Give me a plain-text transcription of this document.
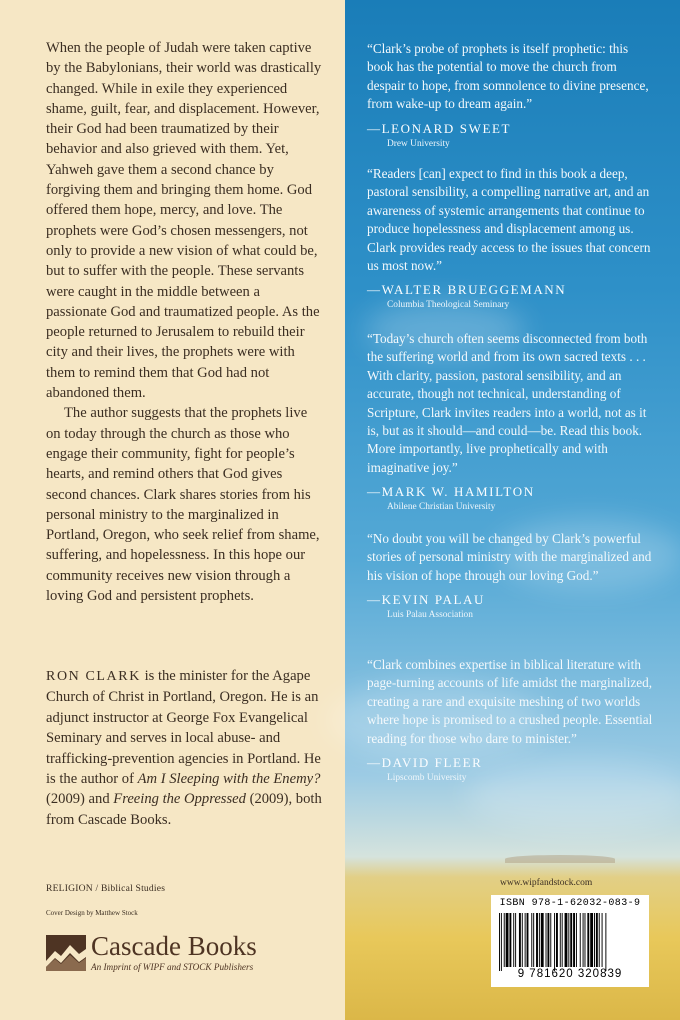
When the people of Judah were taken captive by the Babylonians, their world was drastically changed. While in exile they experienced shame, guilt, fear, and displacement. However, their God had been traumatized by their behavior and also grieved with them. Yet, Yahweh gave them a second chance by forgiving them and bringing them home. God offered them hope, mercy, and love. The prophets were God’s chosen messengers, not only to provide a new vision of what could be, but to suffer with the people. These servants were caught in the middle between a passionate God and traumatized people. As the people returned to Jerusalem to rebuild their city and their lives, the prophets were with them to remind them that God had not abandoned them.

The author suggests that the prophets live on today through the church as those who engage their community, fight for people’s hearts, and remind others that God gives second chances. Clark shares stories from his personal ministry to the marginalized in Portland, Oregon, who seek relief from shame, suffering, and hopelessness. In this hope our community receives new vision through a loving God and persistent prophets.

RON CLARK is the minister for the Agape Church of Christ in Portland, Oregon. He is an adjunct instructor at George Fox Evangelical Seminary and serves in local abuse- and trafficking-prevention agencies in Portland. He is the author of Am I Sleeping with the Enemy? (2009) and Freeing the Oppressed (2009), both from Cascade Books.
RELIGION / Biblical Studies
Cover Design by Matthew Stock
Cascade Books
An Imprint of WIPF and STOCK Publishers

“Clark’s probe of prophets is itself prophetic: this book has the potential to move the church from despair to hope, from somnolence to divine presence, from wake-up to dream again.”

—LEONARD SWEET

Drew University

“Readers [can] expect to find in this book a deep, pastoral sensibility, a compelling narrative art, and an awareness of systemic arrangements that continue to produce hopelessness and displacement among us. Clark provides ready access to the issues that concern us most now.”

—WALTER BRUEGGEMANN

Columbia Theological Seminary

“Today’s church often seems disconnected from both the suffering world and from its own sacred texts . . . With clarity, passion, pastoral sensibility, and an accurate, though not technical, understanding of Scripture, Clark invites readers into a world, not as it is, but as it should—and could—be. Read this book. More importantly, live prophetically and with imaginative joy.”

—MARK W. HAMILTON

Abilene Christian University

“No doubt you will be changed by Clark’s powerful stories of personal ministry with the marginalized and his vision of hope through our loving God.”

—KEVIN PALAU

Luis Palau Association

“Clark combines expertise in biblical literature with page-turning accounts of life amidst the marginalized, creating a rare and exquisite meshing of two worlds where hope is promised to a crushed people. Essential reading for those who dare to minister.”

—DAVID FLEER

Lipscomb University

www.wipfandstock.com
ISBN 978-1-62032-083-9
9 781620 320839
